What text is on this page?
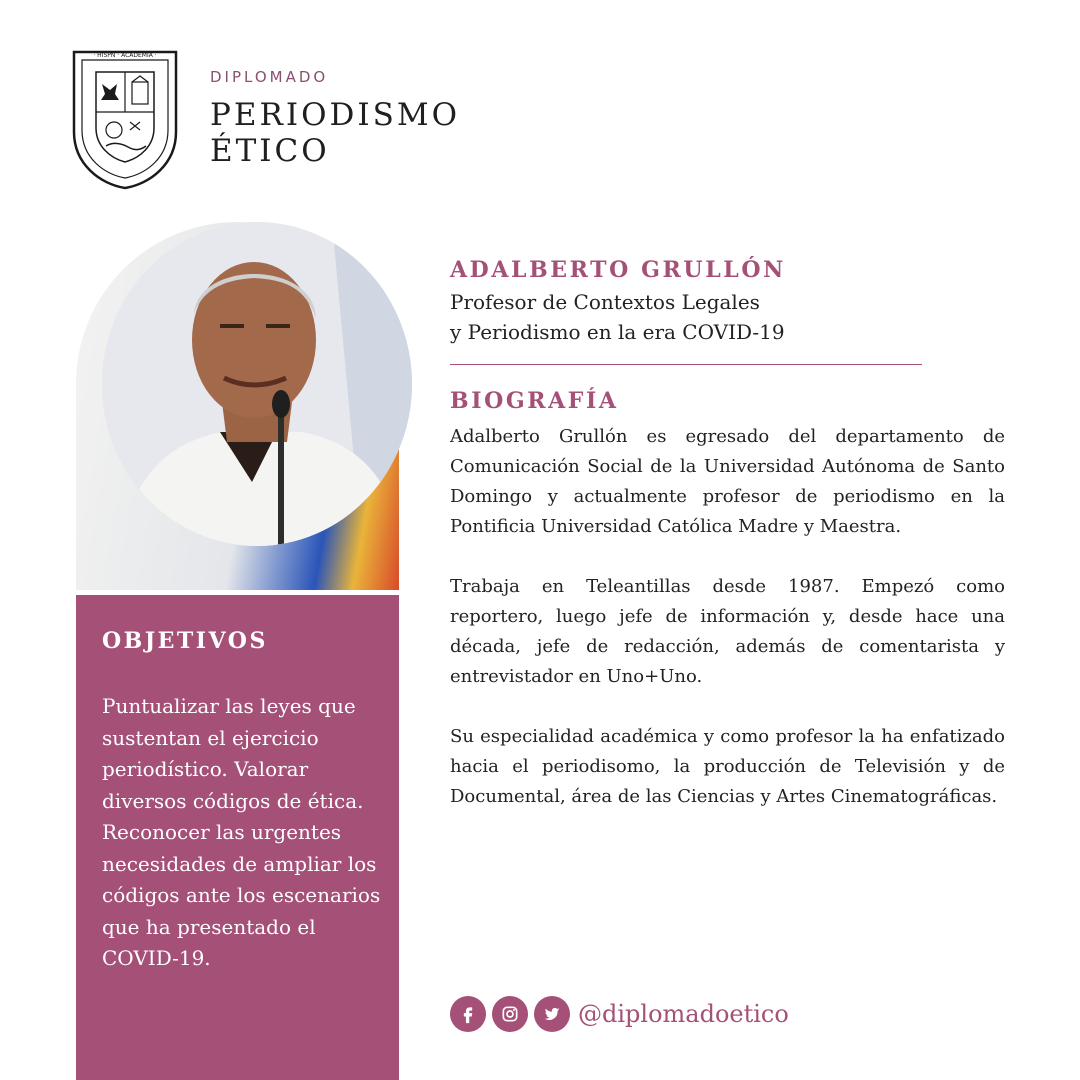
· HISPN · ACADEMIA ·
DIPLOMADO
PERIODISMO
ÉTICO
OBJETIVOS
Puntualizar las leyes que sustentan el ejercicio periodístico. Valorar diversos códigos de ética. Reconocer las urgentes necesidades de ampliar los códigos ante los escenarios que ha presentado el COVID-19.
ADALBERTO GRULLÓN
Profesor de Contextos Legales
y Periodismo en la era COVID-19
BIOGRAFÍA

Adalberto Grullón es egresado del departamento de Comunicación Social de la Universidad Autónoma de Santo Domingo y actualmente profesor de periodismo en la Pontificia Universidad Católica Madre y Maestra.

Trabaja en Teleantillas desde 1987. Empezó como reportero, luego jefe de información y, desde hace una década, jefe de redacción, además de comentarista y entrevistador en Uno+Uno.

Su especialidad académica y como profesor la ha enfatizado hacia el periodisomo, la producción de Televisión y de Documental, área de las Ciencias y Artes Cinematográficas.

@diplomadoetico
